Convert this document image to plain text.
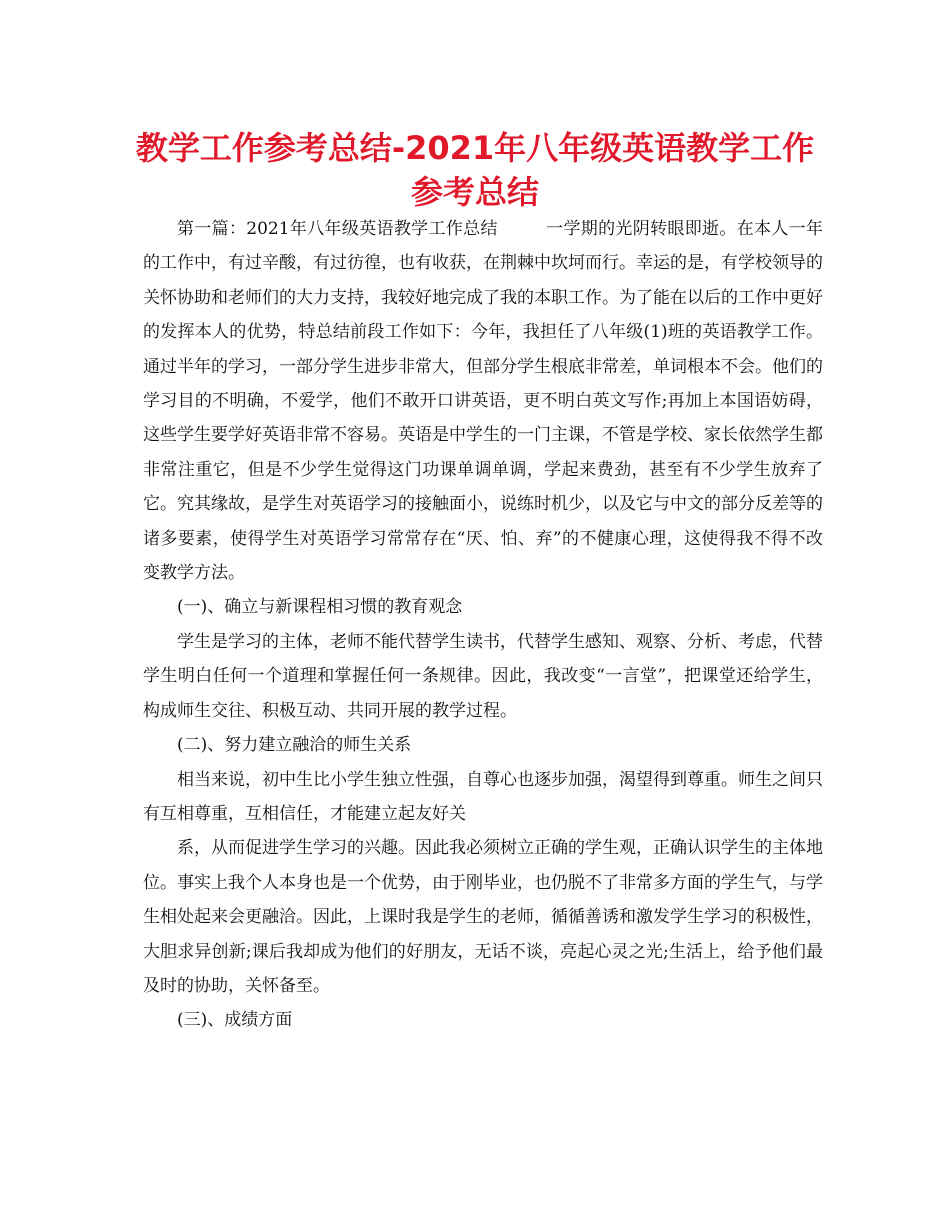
教学工作参考总结-2021年八年级英语教学工作
参考总结

第一篇：2021年八年级英语教学工作总结	一学期的光阴转眼即逝。在本人一年的工作中，有过辛酸，有过彷徨，也有收获，在荆棘中坎坷而行。幸运的是，有学校领导的关怀协助和老师们的大力支持，我较好地完成了我的本职工作。为了能在以后的工作中更好的发挥本人的优势，特总结前段工作如下：今年，我担任了八年级(1)班的英语教学工作。通过半年的学习，一部分学生进步非常大，但部分学生根底非常差，单词根本不会。他们的学习目的不明确，不爱学，他们不敢开口讲英语，更不明白英文写作;再加上本国语妨碍，这些学生要学好英语非常不容易。英语是中学生的一门主课，不管是学校、家长依然学生都非常注重它，但是不少学生觉得这门功课单调单调，学起来费劲，甚至有不少学生放弃了它。究其缘故，是学生对英语学习的接触面小，说练时机少，以及它与中文的部分反差等的诸多要素，使得学生对英语学习常常存在“厌、怕、弃”的不健康心理，这使得我不得不改变教学方法。

(一)、确立与新课程相习惯的教育观念

学生是学习的主体，老师不能代替学生读书，代替学生感知、观察、分析、考虑，代替学生明白任何一个道理和掌握任何一条规律。因此，我改变“一言堂”，把课堂还给学生，构成师生交往、积极互动、共同开展的教学过程。

(二)、努力建立融洽的师生关系

相当来说，初中生比小学生独立性强，自尊心也逐步加强，渴望得到尊重。师生之间只有互相尊重，互相信任，才能建立起友好关

系，从而促进学生学习的兴趣。因此我必须树立正确的学生观，正确认识学生的主体地位。事实上我个人本身也是一个优势，由于刚毕业，也仍脱不了非常多方面的学生气，与学生相处起来会更融洽。因此，上课时我是学生的老师，循循善诱和激发学生学习的积极性，大胆求异创新;课后我却成为他们的好朋友，无话不谈，亮起心灵之光;生活上，给予他们最及时的协助，关怀备至。

(三)、成绩方面
